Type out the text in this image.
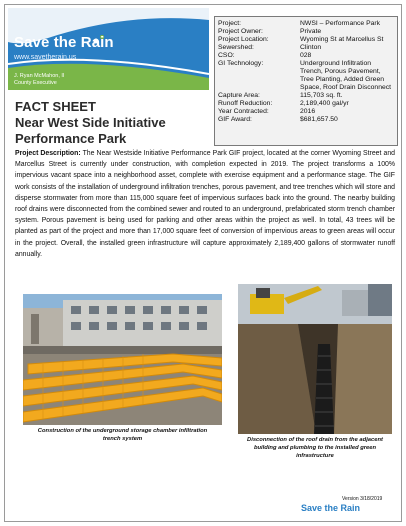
Save the Rain
www.savetherain.us
J. Ryan McMahon, II
County Executive
FACT SHEET
Near West Side Initiative
Performance Park
Project:	NWSI – Performance Park
Project Owner:	Private
Project Location:	Wyoming St at Marcellus St
Sewershed:	Clinton
CSO:	028
GI Technology:	Underground Infiltration Trench, Porous Pavement, Tree Planting, Added Green Space, Roof Drain Disconnect
Capture Area:	115,703 sq. ft.
Runoff Reduction:	2,189,400 gal/yr
Year Contracted:	2016
GIF Award:	$681,657.50
Project Description: The Near Westside Initiative Performance Park GIF project, located at the corner Wyoming Street and Marcellus Street is currently under construction, with completion expected in 2019. The project transforms a 100% impervious vacant space into a neighborhood asset, complete with exercise equipment and a performance stage. The GIF work consists of the installation of underground infiltration trenches, porous pavement, and tree trenches which will store and disperse stormwater from more than 115,000 square feet of impervious surfaces back into the ground. The nearby building roof drains were disconnected from the combined sewer and routed to an underground, prefabricated storm trench chamber system. Porous pavement is being used for parking and other areas within the project as well. In total, 43 trees will be planted as part of the project and more than 17,000 square feet of conversion of impervious areas to green areas will occur in the project. Overall, the installed green infrastructure will capture approximately 2,189,400 gallons of stormwater runoff annually.
Construction of the underground storage chamber infiltration trench system	Disconnection of the roof drain from the adjacent building and plumbing to the installed green infrastructure
Version 3/18/2019
Save the Rain
